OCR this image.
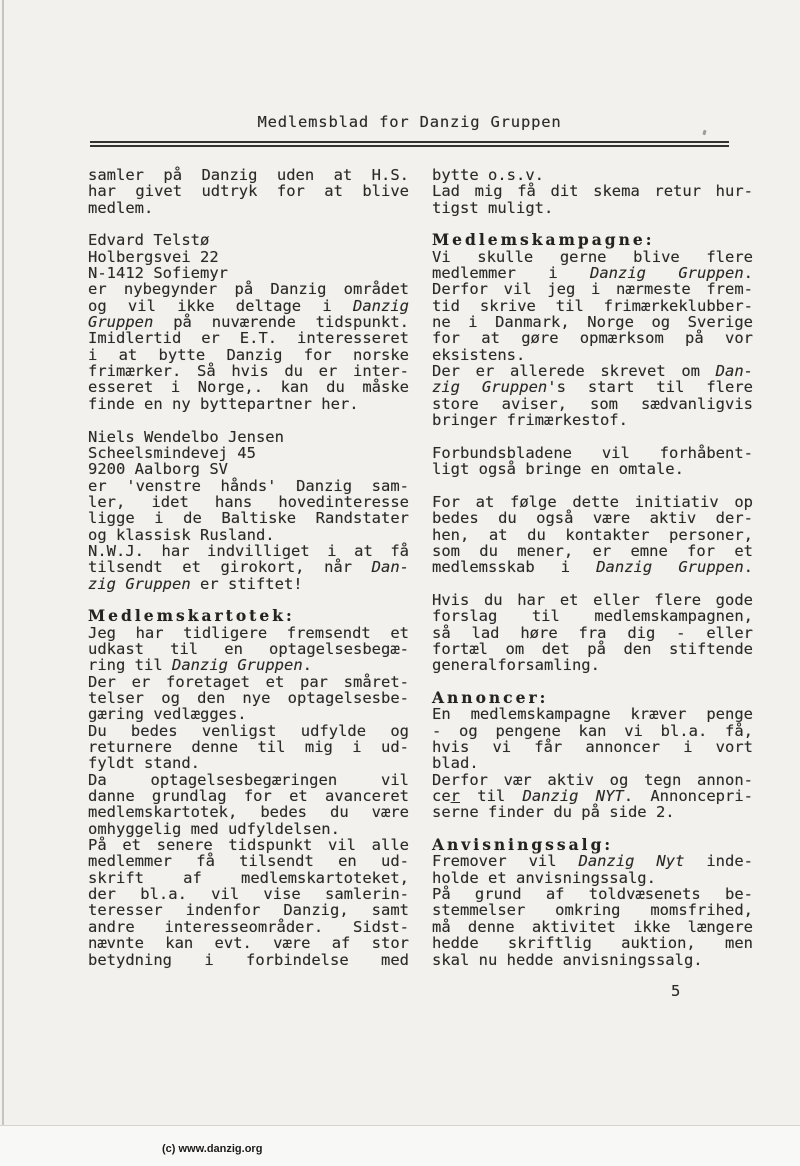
Medlemsblad for Danzig Gruppen
samler på Danzig uden at H.S.
har givet udtryk for at blive
medlem.
Edvard Telstø
Holbergsvei 22
N-1412 Sofiemyr
er nybegynder på Danzig området
og vil ikke deltage i Danzig
Gruppen på nuværende tidspunkt.
Imidlertid er E.T. interesseret
i at bytte Danzig for norske
frimærker. Så hvis du er inter-
esseret i Norge,. kan du måske
finde en ny byttepartner her.
Niels Wendelbo Jensen
Scheelsmindevej 45
9200 Aalborg SV
er 'venstre hånds' Danzig sam-
ler, idet hans hovedinteresse
ligge i de Baltiske Randstater
og klassisk Rusland.
N.W.J. har indvilliget i at få
tilsendt et girokort, når Dan-
zig Gruppen er stiftet!
Medlemskartotek:
Jeg har tidligere fremsendt et
udkast til en optagelsesbegæ-
ring til Danzig Gruppen.
Der er foretaget et par småret-
telser og den nye optagelsesbe-
gæring vedlægges.
Du bedes venligst udfylde og
returnere denne til mig i ud-
fyldt stand.
Da optagelsesbegæringen vil
danne grundlag for et avanceret
medlemskartotek, bedes du være
omhyggelig med udfyldelsen.
På et senere tidspunkt vil alle
medlemmer få tilsendt en ud-
skrift af medlemskartoteket,
der bl.a. vil vise samlerin-
teresser indenfor Danzig, samt
andre interesseområder. Sidst-
nævnte kan evt. være af stor
betydning i forbindelse med
bytte o.s.v.
Lad mig få dit skema retur hur-
tigst muligt.
Medlemskampagne:
Vi skulle gerne blive flere
medlemmer i Danzig Gruppen.
Derfor vil jeg i nærmeste frem-
tid skrive til frimærkeklubber-
ne i Danmark, Norge og Sverige
for at gøre opmærksom på vor
eksistens.
Der er allerede skrevet om Dan-
zig Gruppen's start til flere
store aviser, som sædvanligvis
bringer frimærkestof.
Forbundsbladene vil forhåbent-
ligt også bringe en omtale.
For at følge dette initiativ op
bedes du også være aktiv der-
hen, at du kontakter personer,
som du mener, er emne for et
medlemsskab i Danzig Gruppen.
Hvis du har et eller flere gode
forslag til medlemskampagnen,
så lad høre fra dig - eller
fortæl om det på den stiftende
generalforsamling.
Annoncer:
En medlemskampagne kræver penge
- og pengene kan vi bl.a. få,
hvis vi får annoncer i vort
blad.
Derfor vær aktiv og tegn annon-
cer til Danzig NYT. Annoncepri-
serne finder du på side 2.
Anvisningssalg:
Fremover vil Danzig Nyt inde-
holde et anvisningssalg.
På grund af toldvæsenets be-
stemmelser omkring momsfrihed,
må denne aktivitet ikke længere
hedde skriftlig auktion, men
skal nu hedde anvisningssalg.
5
(c) www.danzig.org
